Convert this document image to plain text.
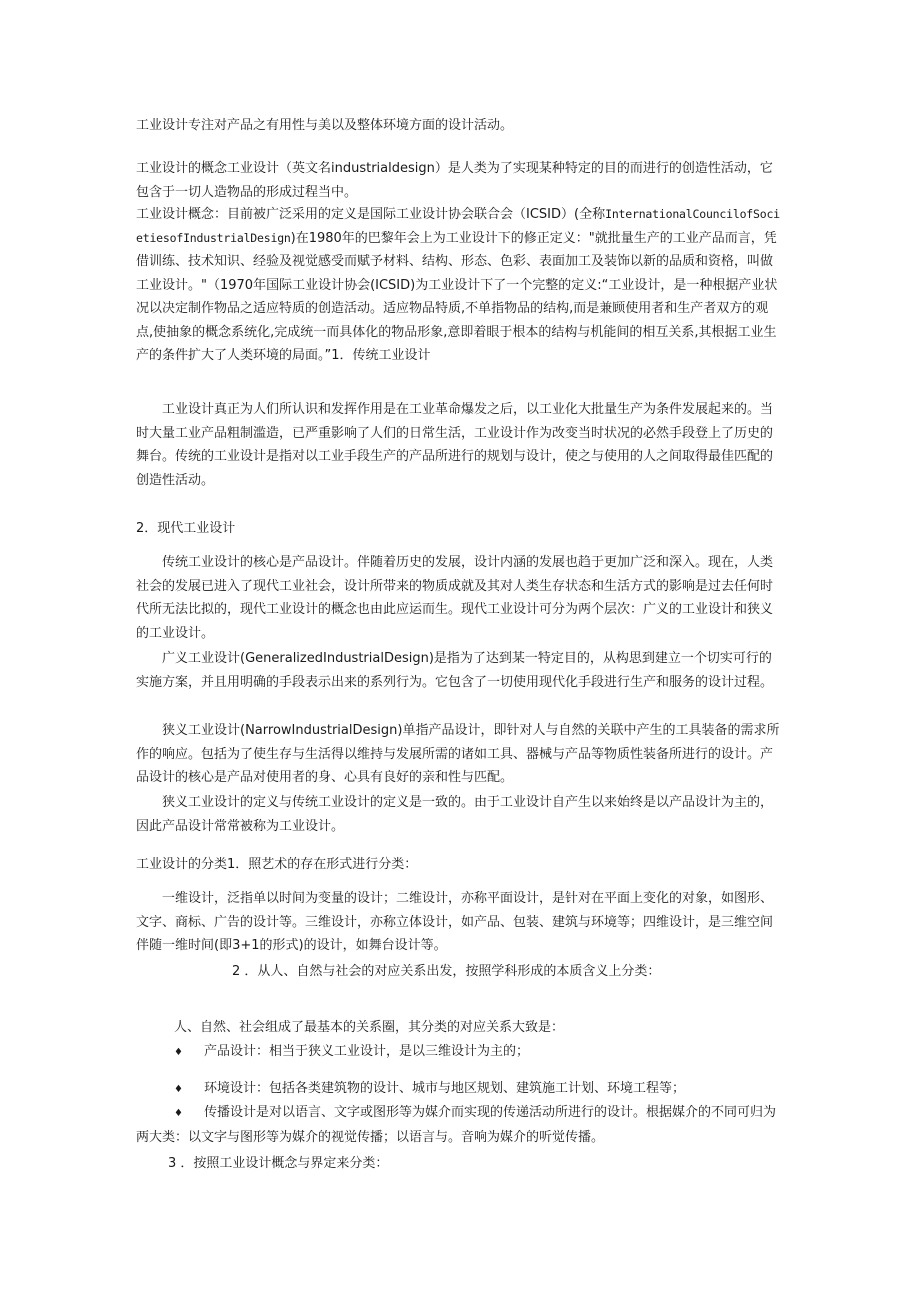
工业设计专注对产品之有用性与美以及整体环境方面的设计活动。

工业设计的概念工业设计（英文名industrialdesign）是人类为了实现某种特定的目的而进行的创造性活动，它包含于一切人造物品的形成过程当中。

工业设计概念：目前被广泛采用的定义是国际工业设计协会联合会（ICSID）(全称InternationalCouncilofSocietiesofIndustrialDesign)在1980年的巴黎年会上为工业设计下的修正定义："就批量生产的工业产品而言，凭借训练、技术知识、经验及视觉感受而赋予材料、结构、形态、色彩、表面加工及装饰以新的品质和资格，叫做工业设计。"（1970年国际工业设计协会(ICSID)为工业设计下了一个完整的定义:“工业设计，是一种根据产业状况以决定制作物品之适应特质的创造活动。适应物品特质,不单指物品的结构,而是兼顾使用者和生产者双方的观点,使抽象的概念系统化,完成统一而具体化的物品形象,意即着眼于根本的结构与机能间的相互关系,其根据工业生产的条件扩大了人类环境的局面。”1．传统工业设计

工业设计真正为人们所认识和发挥作用是在工业革命爆发之后，以工业化大批量生产为条件发展起来的。当时大量工业产品粗制滥造，已严重影响了人们的日常生活，工业设计作为改变当时状况的必然手段登上了历史的舞台。传统的工业设计是指对以工业手段生产的产品所进行的规划与设计，使之与使用的人之间取得最佳匹配的创造性活动。

2．现代工业设计

传统工业设计的核心是产品设计。伴随着历史的发展，设计内涵的发展也趋于更加广泛和深入。现在，人类社会的发展已进入了现代工业社会，设计所带来的物质成就及其对人类生存状态和生活方式的影响是过去任何时代所无法比拟的，现代工业设计的概念也由此应运而生。现代工业设计可分为两个层次：广义的工业设计和狭义的工业设计。

广义工业设计(GeneralizedIndustrialDesign)是指为了达到某一特定目的，从构思到建立一个切实可行的实施方案，并且用明确的手段表示出来的系列行为。它包含了一切使用现代化手段进行生产和服务的设计过程。

狭义工业设计(NarrowIndustrialDesign)单指产品设计，即针对人与自然的关联中产生的工具装备的需求所作的响应。包括为了使生存与生活得以维持与发展所需的诸如工具、器械与产品等物质性装备所进行的设计。产品设计的核心是产品对使用者的身、心具有良好的亲和性与匹配。

狭义工业设计的定义与传统工业设计的定义是一致的。由于工业设计自产生以来始终是以产品设计为主的，因此产品设计常常被称为工业设计。

工业设计的分类1．照艺术的存在形式进行分类：

一维设计，泛指单以时间为变量的设计；二维设计，亦称平面设计，是针对在平面上变化的对象，如图形、文字、商标、广告的设计等。三维设计，亦称立体设计，如产品、包装、建筑与环境等；四维设计，是三维空间伴随一维时间(即3+1的形式)的设计，如舞台设计等。

2 ．从人、自然与社会的对应关系出发，按照学科形成的本质含义上分类：

人、自然、社会组成了最基本的关系圈，其分类的对应关系大致是：

♦ 产品设计：相当于狭义工业设计，是以三维设计为主的；

♦ 环境设计：包括各类建筑物的设计、城市与地区规划、建筑施工计划、环境工程等；

♦ 传播设计是对以语言、文字或图形等为媒介而实现的传递活动所进行的设计。根据媒介的不同可归为两大类：以文字与图形等为媒介的视觉传播；以语言与。音响为媒介的听觉传播。

3 ．按照工业设计概念与界定来分类：
